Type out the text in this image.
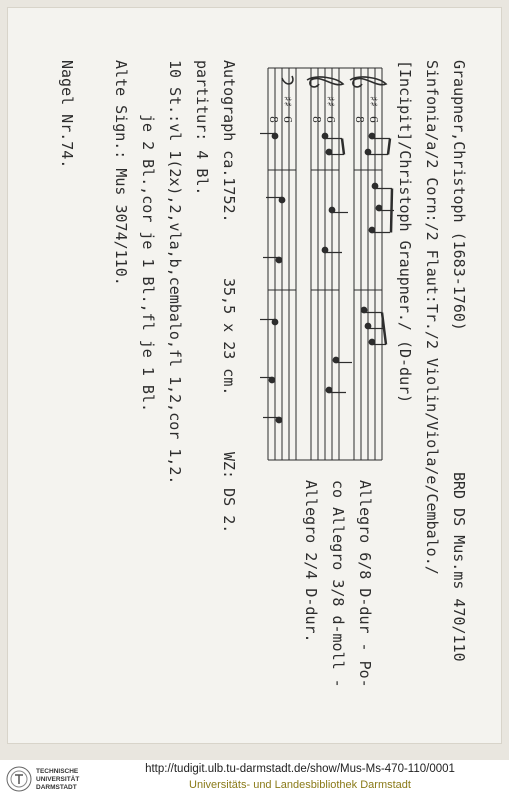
Graupner,Christoph (1683-1760)
BRD DS Mus.ms 470/110
Sinfonia/a/2 Corn:/2 Flaut:Tr./2 Violin/Viola/e/Cembalo./
[Incipit]/Christoph Graupner./ (D-dur)
♯♯
♯♯
♯♯
6
8
6
8
6
8
Allegro 6/8 D-dur - Po-
co Allegro 3/8 d-moll -
Allegro 2/4 D-dur.
Autograph ca.1752.
35,5 x 23 cm.
WZ: DS 2.
partitur: 4 Bl.
10 St.:vl 1(2x),2,vla,b,cembalo,fl 1,2,cor 1,2.
je 2 Bl.,cor je 1 Bl.,fl je 1 Bl.
Alte Sign.: Mus 3074/110.
Nagel Nr.74.
TECHNISCHE
UNIVERSITÄT
DARMSTADT
http://tudigit.ulb.tu-darmstadt.de/show/Mus-Ms-470-110/0001
Universitäts- und Landesbibliothek Darmstadt
